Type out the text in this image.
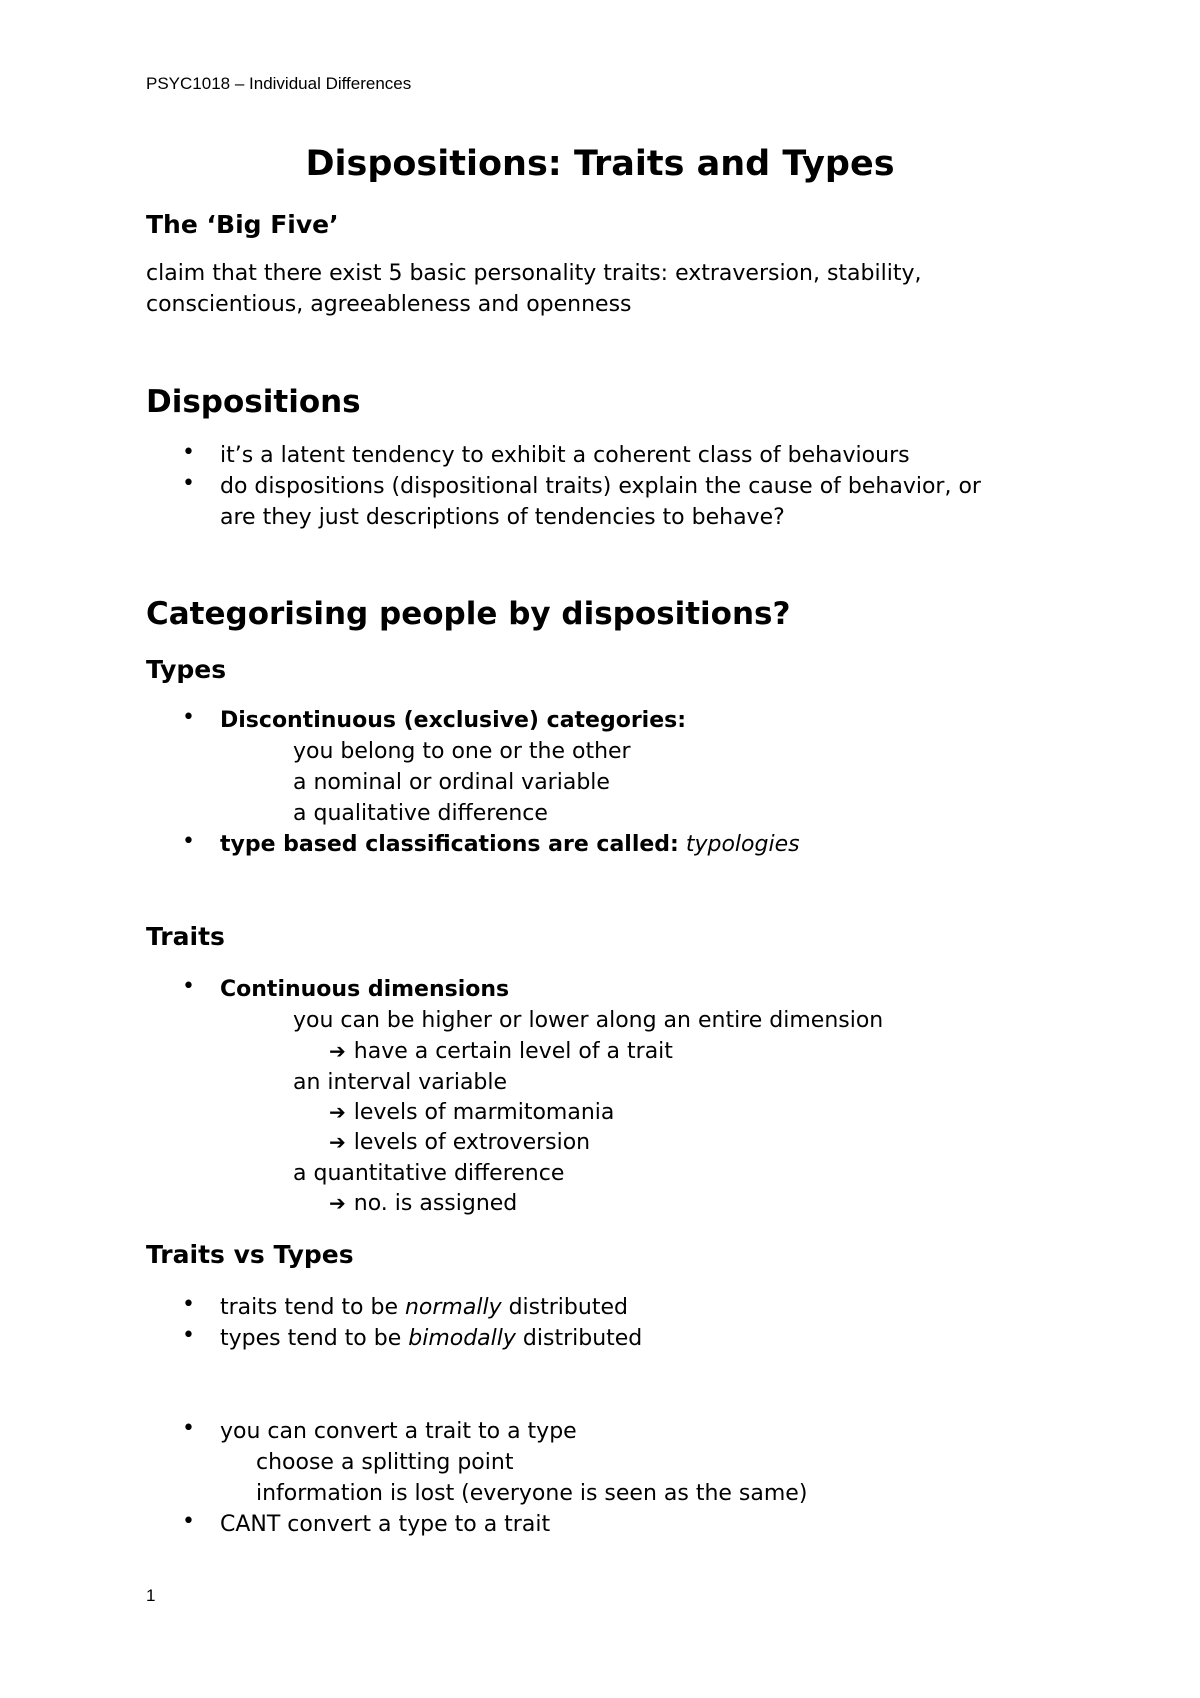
PSYC1018 – Individual Differences
Dispositions: Traits and Types
The ‘Big Five’
claim that there exist 5 basic personality traits: extraversion, stability,
conscientious, agreeableness and openness
Dispositions
• it’s a latent tendency to exhibit a coherent class of behaviours
• do dispositions (dispositional traits) explain the cause of behavior, or
are they just descriptions of tendencies to behave?
Categorising people by dispositions?
Types
• Discontinuous (exclusive) categories:
you belong to one or the other
a nominal or ordinal variable
a qualitative difference
• type based classifications are called: typologies
Traits
• Continuous dimensions
you can be higher or lower along an entire dimension
➔ have a certain level of a trait
an interval variable
➔ levels of marmitomania
➔ levels of extroversion
a quantitative difference
➔ no. is assigned
Traits vs Types
• traits tend to be normally distributed
• types tend to be bimodally distributed
• you can convert a trait to a type
choose a splitting point
information is lost (everyone is seen as the same)
• CANT convert a type to a trait
1
